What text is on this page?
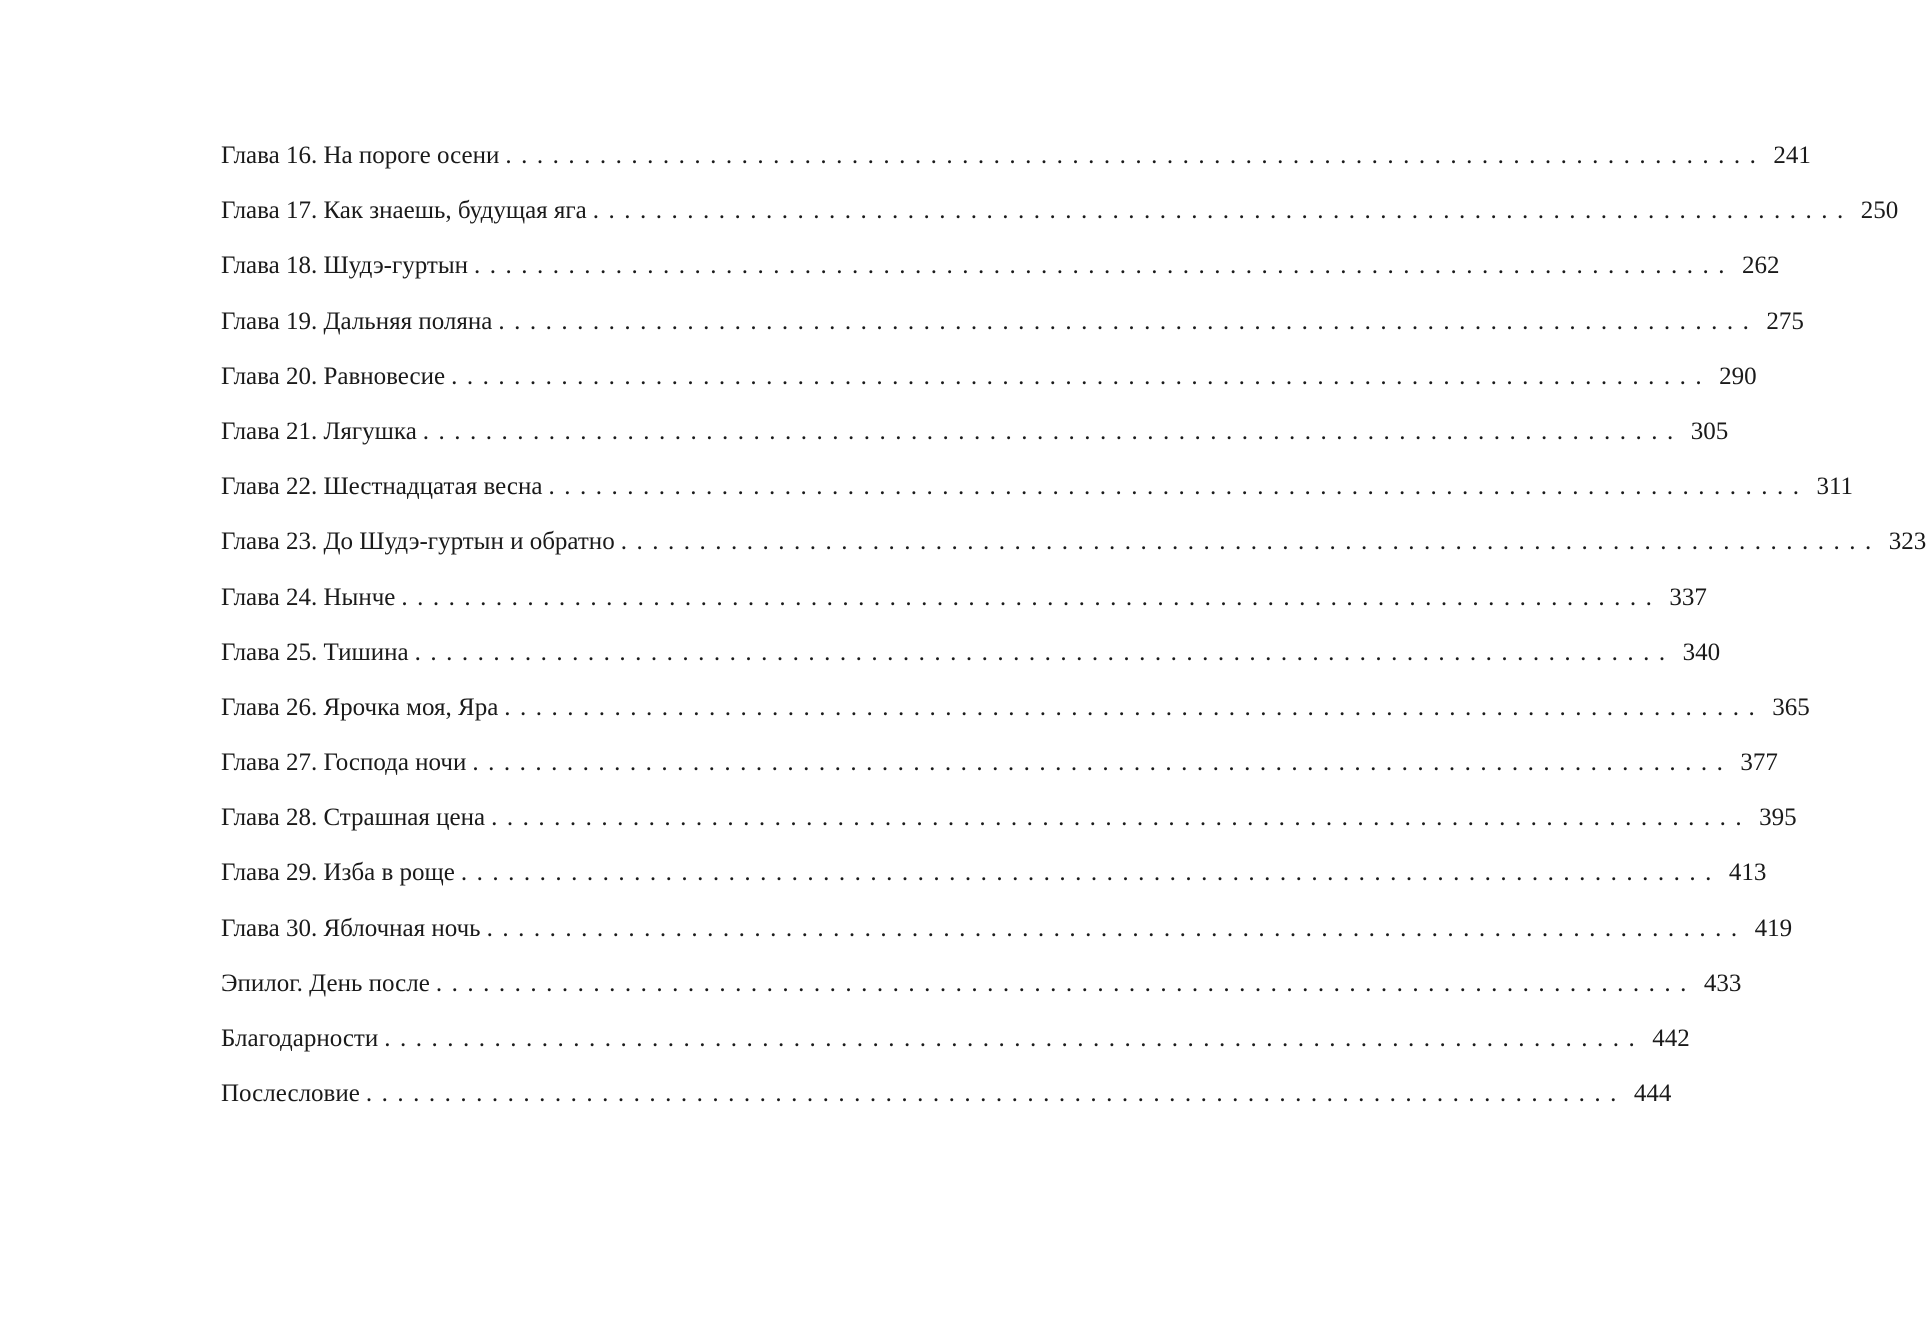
Глава 16. На пороге осени ................................................................................ 241
Глава 17. Как знаешь, будущая яга ................................................................................ 250
Глава 18. Шудэ-гуртын ................................................................................ 262
Глава 19. Дальняя поляна ................................................................................ 275
Глава 20. Равновесие ................................................................................ 290
Глава 21. Лягушка ................................................................................ 305
Глава 22. Шестнадцатая весна ................................................................................ 311
Глава 23. До Шудэ-гуртын и обратно ................................................................................ 323
Глава 24. Нынче ................................................................................ 337
Глава 25. Тишина ................................................................................ 340
Глава 26. Ярочка моя, Яра ................................................................................ 365
Глава 27. Господа ночи ................................................................................ 377
Глава 28. Страшная цена ................................................................................ 395
Глава 29. Изба в роще ................................................................................ 413
Глава 30. Яблочная ночь ................................................................................ 419
Эпилог. День после ................................................................................ 433
Благодарности ................................................................................ 442
Послесловие ................................................................................ 444
